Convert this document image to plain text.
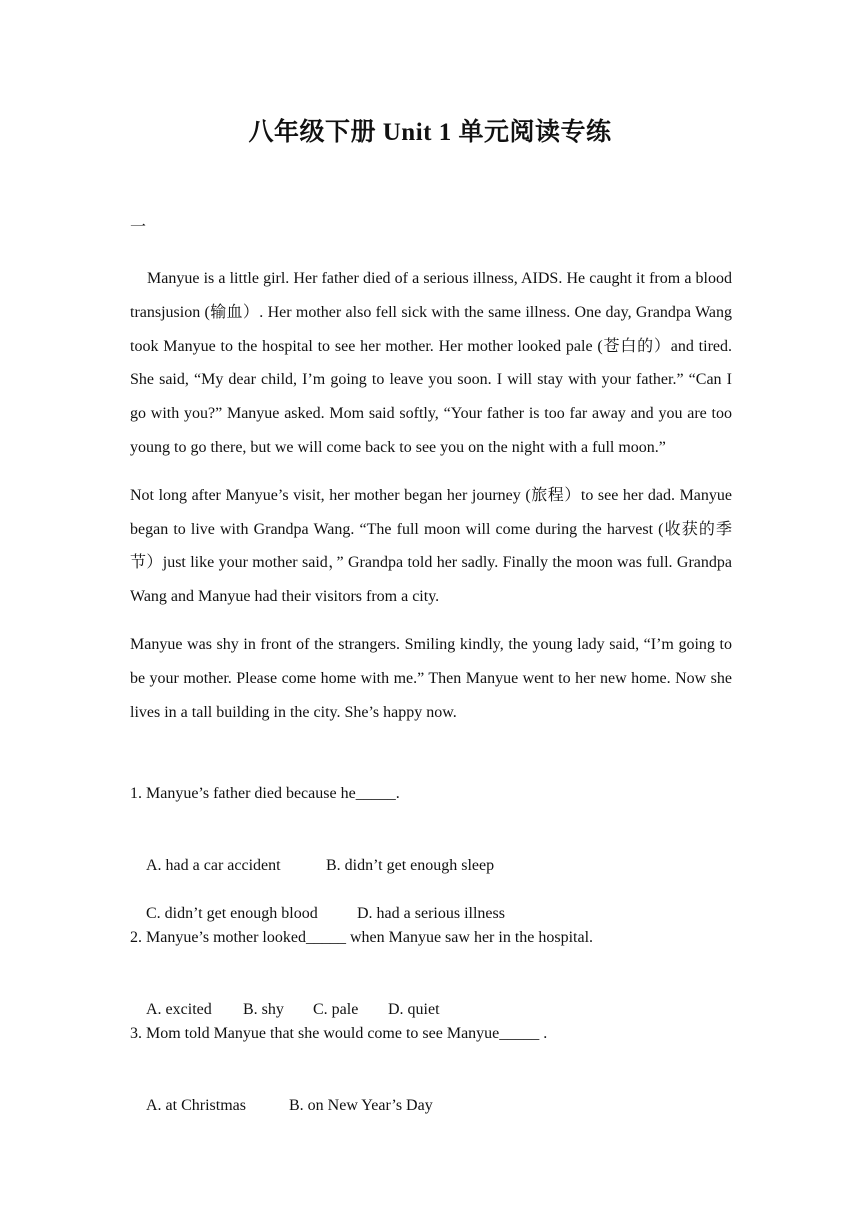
八年级下册 Unit 1 单元阅读专练
一

Manyue is a little girl. Her father died of a serious illness, AIDS. He caught it from a blood transjusion (输血）. Her mother also fell sick with the same illness. One day, Grandpa Wang took Manyue to the hospital to see her mother. Her mother looked pale (苍白的）and tired. She said, “My dear child, I’m going to leave you soon. I will stay with your father.” “Can I go with you?” Manyue asked. Mom said softly, “Your father is too far away and you are too young to go there, but we will come back to see you on the night with a full moon.”

Not long after Manyue’s visit, her mother began her journey (旅程）to see her dad. Manyue began to live with Grandpa Wang. “The full moon will come during the harvest (收获的季节）just like your mother said，” Grandpa told her sadly. Finally the moon was full. Grandpa Wang and Manyue had their visitors from a city.

Manyue was shy in front of the strangers. Smiling kindly, the young lady said, “I’m going to be your mother. Please come home with me.” Then Manyue went to her new home. Now she lives in a tall building in the city. She’s happy now.

1. Manyue’s father died because he_____.

A. had a car accident	B. didn’t get enough sleep

C. didn’t get enough blood D. had a serious illness

2. Manyue’s mother looked_____ when Manyue saw her in the hospital.

A. excited B. shy C. pale D. quiet

3. Mom told Manyue that she would come to see Manyue_____ .

A. at Christmas	B. on New Year’s Day
